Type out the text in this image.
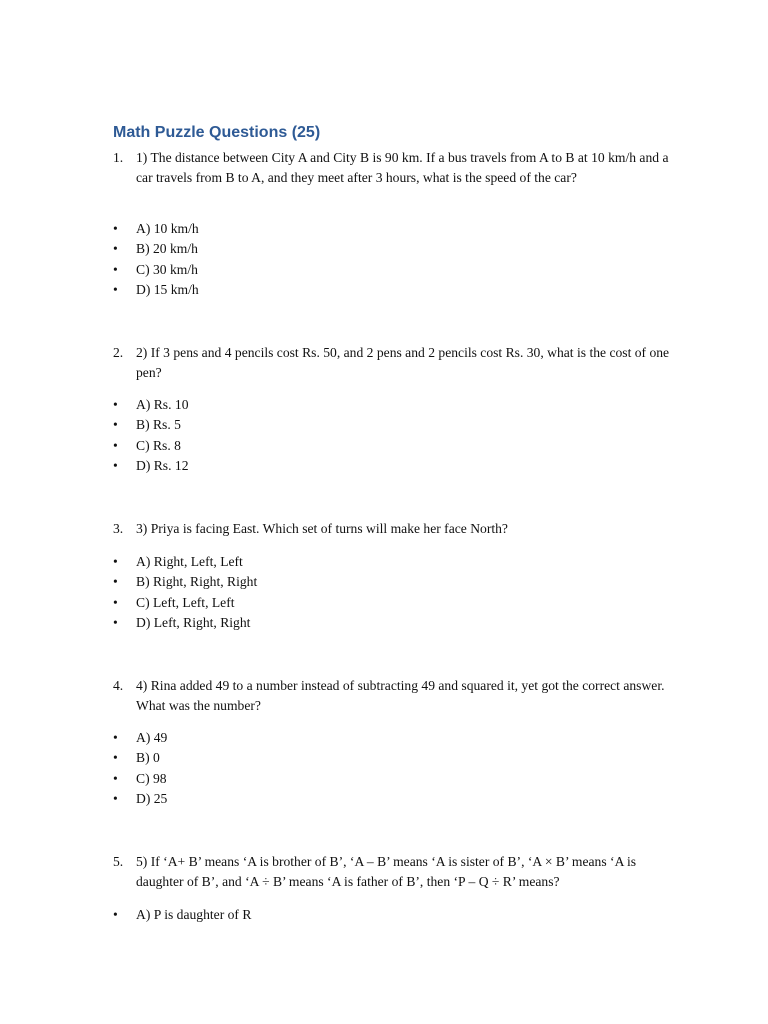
Math Puzzle Questions (25)
1. 1) The distance between City A and City B is 90 km. If a bus travels from A to B at 10 km/h and a car travels from B to A, and they meet after 3 hours, what is the speed of the car?
• A) 10 km/h
• B) 20 km/h
• C) 30 km/h
• D) 15 km/h
2. 2) If 3 pens and 4 pencils cost Rs. 50, and 2 pens and 2 pencils cost Rs. 30, what is the cost of one pen?
• A) Rs. 10
• B) Rs. 5
• C) Rs. 8
• D) Rs. 12
3. 3) Priya is facing East. Which set of turns will make her face North?
• A) Right, Left, Left
• B) Right, Right, Right
• C) Left, Left, Left
• D) Left, Right, Right
4. 4) Rina added 49 to a number instead of subtracting 49 and squared it, yet got the correct answer. What was the number?
• A) 49
• B) 0
• C) 98
• D) 25
5. 5) If ‘A+ B’ means ‘A is brother of B’, ‘A – B’ means ‘A is sister of B’, ‘A × B’ means ‘A is daughter of B’, and ‘A ÷ B’ means ‘A is father of B’, then ‘P – Q ÷ R’ means?
• A) P is daughter of R
